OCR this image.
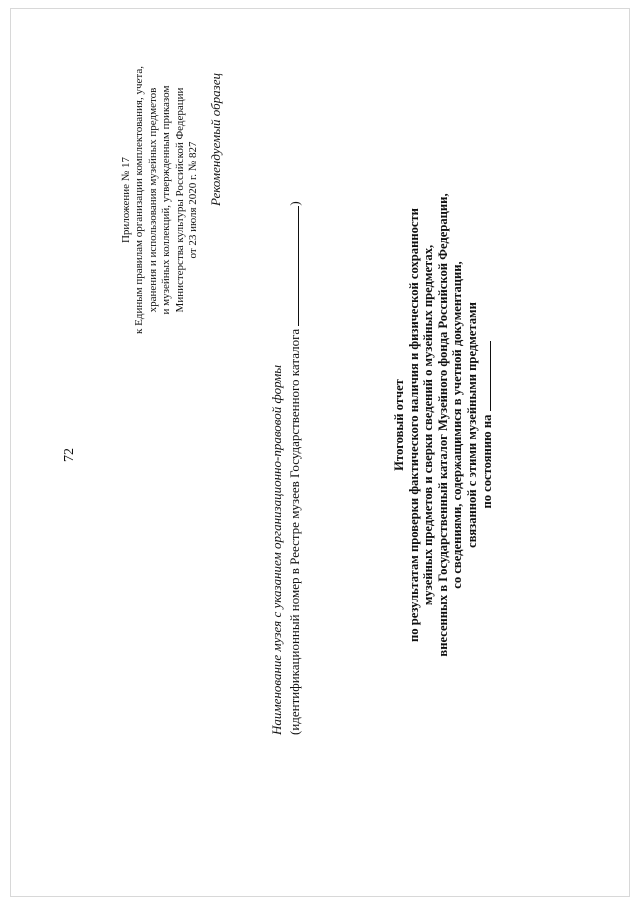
72
Приложение № 17 к Единым правилам организации комплектования, учета, хранения и использования музейных предметов и музейных коллекций, утвержденным приказом Министерства культуры Российской Федерации от 23 июля 2020 г. № 827 Рекомендуемый образец
Наименование музея с указанием организационно-правовой формы (идентификационный номер в Реестре музеев Государственного каталога )
Итоговый отчет по результатам проверки фактического наличия и физической сохранности музейных предметов и сверки сведений о музейных предметах, внесенных в Государственный каталог Музейного фонда Российской Федерации, со сведениями, содержащимися в учетной документации, связанной с этими музейными предметами по состоянию на
